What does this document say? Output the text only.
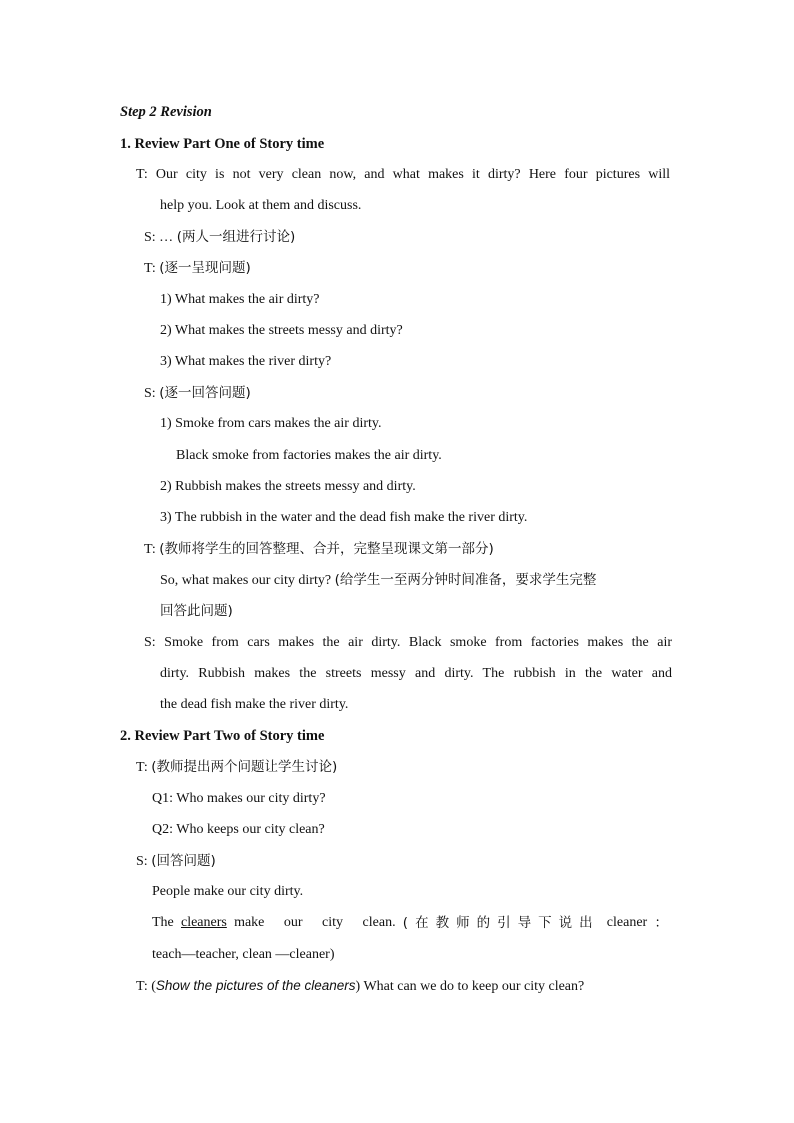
Step 2 Revision
1. Review Part One of Story time
T: Our city is not very clean now, and what makes it dirty? Here four pictures will
help you. Look at them and discuss.
S: … (两人一组进行讨论)
T: (逐一呈现问题)
1) What makes the air dirty?
2) What makes the streets messy and dirty?
3) What makes the river dirty?
S: (逐一回答问题)
1) Smoke from cars makes the air dirty.
Black smoke from factories makes the air dirty.
2) Rubbish makes the streets messy and dirty.
3) The rubbish in the water and the dead fish make the river dirty.
T: (教师将学生的回答整理、合并，完整呈现课文第一部分)
So, what makes our city dirty? (给学生一至两分钟时间准备，要求学生完整
回答此问题)
S: Smoke from cars makes the air dirty. Black smoke from factories makes the air
dirty. Rubbish makes the streets messy and dirty. The rubbish in the water and
the dead fish make the river dirty.
2. Review Part Two of Story time
T: (教师提出两个问题让学生讨论)
Q1: Who makes our city dirty?
Q2: Who keeps our city clean?
S: (回答问题)
People make our city dirty.
The cleaners make our city clean. (在教师的引导下说出 cleaner ：
teach—teacher, clean —cleaner)
T: (Show the pictures of the cleaners) What can we do to keep our city clean?
